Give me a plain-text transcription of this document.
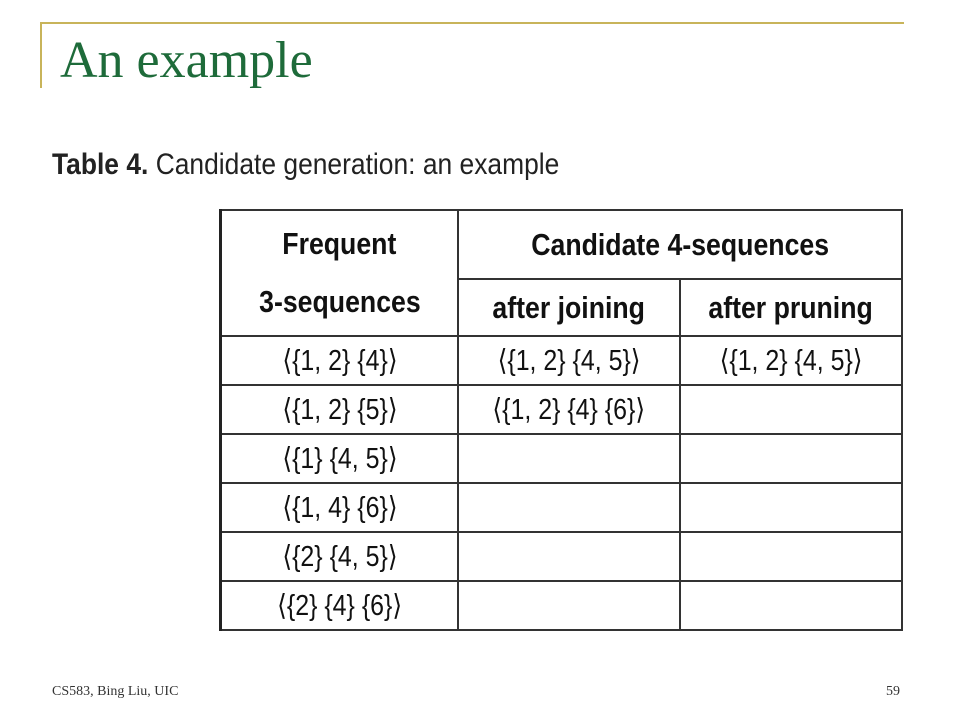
An example
Table 4. Candidate generation: an example
Frequent
3-sequences	Candidate 4-sequences	
	after joining	after pruning
⟨{1, 2} {4}⟩	⟨{1, 2} {4, 5}⟩	⟨{1, 2} {4, 5}⟩
⟨{1, 2} {5}⟩	⟨{1, 2} {4} {6}⟩	
⟨{1} {4, 5}⟩		
⟨{1, 4} {6}⟩		
⟨{2} {4, 5}⟩		
⟨{2} {4} {6}⟩		
CS583, Bing Liu, UIC	59
